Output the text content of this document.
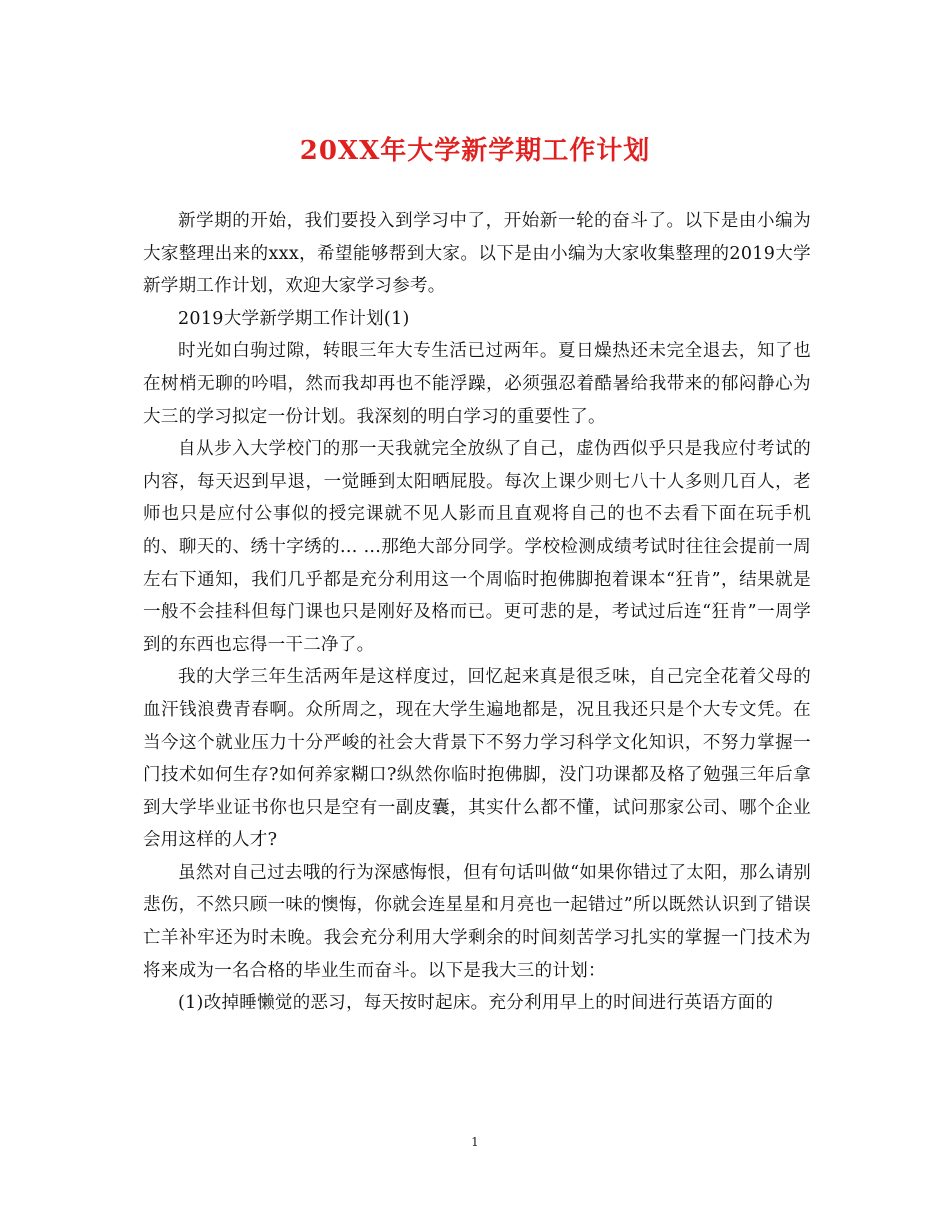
20XX年大学新学期工作计划

新学期的开始，我们要投入到学习中了，开始新一轮的奋斗了。以下是由小编为大家整理出来的xxx，希望能够帮到大家。以下是由小编为大家收集整理的2019大学新学期工作计划，欢迎大家学习参考。

2019大学新学期工作计划(1)

时光如白驹过隙，转眼三年大专生活已过两年。夏日燥热还未完全退去，知了也在树梢无聊的吟唱，然而我却再也不能浮躁，必须强忍着酷暑给我带来的郁闷静心为大三的学习拟定一份计划。我深刻的明白学习的重要性了。

自从步入大学校门的那一天我就完全放纵了自己，虚伪西似乎只是我应付考试的内容，每天迟到早退，一觉睡到太阳晒屁股。每次上课少则七八十人多则几百人，老师也只是应付公事似的授完课就不见人影而且直观将自己的也不去看下面在玩手机的、聊天的、绣十字绣的... ...那绝大部分同学。学校检测成绩考试时往往会提前一周左右下通知，我们几乎都是充分利用这一个周临时抱佛脚抱着课本“狂肯”，结果就是一般不会挂科但每门课也只是刚好及格而已。更可悲的是，考试过后连“狂肯”一周学到的东西也忘得一干二净了。

我的大学三年生活两年是这样度过，回忆起来真是很乏味，自己完全花着父母的血汗钱浪费青春啊。众所周之，现在大学生遍地都是，况且我还只是个大专文凭。在当今这个就业压力十分严峻的社会大背景下不努力学习科学文化知识，不努力掌握一门技术如何生存?如何养家糊口?纵然你临时抱佛脚，没门功课都及格了勉强三年后拿到大学毕业证书你也只是空有一副皮囊，其实什么都不懂，试问那家公司、哪个企业会用这样的人才?

虽然对自己过去哦的行为深感悔恨，但有句话叫做“如果你错过了太阳，那么请别悲伤，不然只顾一味的懊悔，你就会连星星和月亮也一起错过”所以既然认识到了错误亡羊补牢还为时未晚。我会充分利用大学剩余的时间刻苦学习扎实的掌握一门技术为将来成为一名合格的毕业生而奋斗。以下是我大三的计划：

(1)改掉睡懒觉的恶习，每天按时起床。充分利用早上的时间进行英语方面的

1
